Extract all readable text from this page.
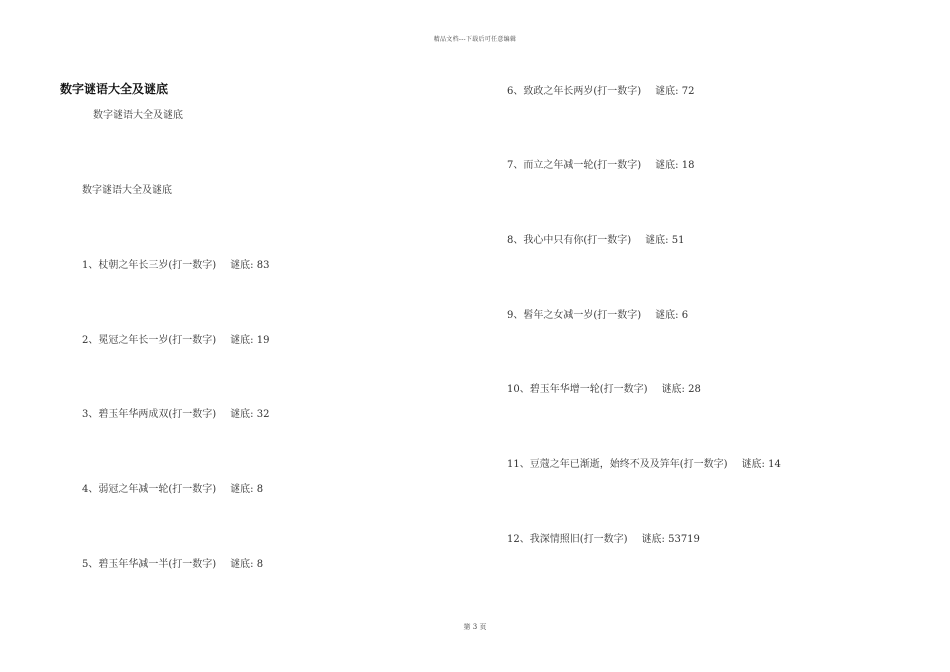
精品文档---下载后可任意编辑
数字谜语大全及谜底
数字谜语大全及谜底
数字谜语大全及谜底
1、杖朝之年长三岁(打一数字) 谜底: 83
2、冕冠之年长一岁(打一数字) 谜底: 19
3、碧玉年华两成双(打一数字) 谜底: 32
4、弱冠之年减一轮(打一数字) 谜底: 8
5、碧玉年华减一半(打一数字) 谜底: 8
6、致政之年长两岁(打一数字) 谜底: 72
7、而立之年减一轮(打一数字) 谜底: 18
8、我心中只有你(打一数字) 谜底: 51
9、髫年之女减一岁(打一数字) 谜底: 6
10、碧玉年华增一轮(打一数字) 谜底: 28
11、豆蔻之年已渐逝，始终不及及笄年(打一数字) 谜底: 14
12、我深情照旧(打一数字) 谜底: 53719
第 3 页
